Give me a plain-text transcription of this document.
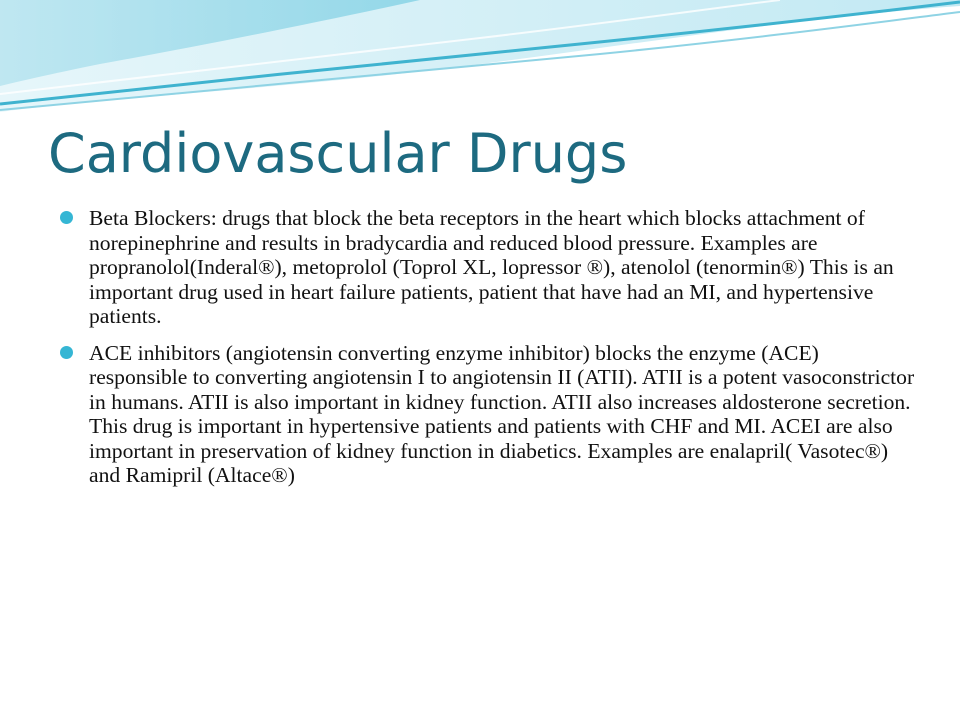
Cardiovascular Drugs
Beta Blockers: drugs that block the beta receptors in the heart which blocks attachment of norepinephrine and results in bradycardia and reduced blood pressure. Examples are propranolol(Inderal®), metoprolol (Toprol XL, lopressor ®), atenolol (tenormin®) This is an important drug used in heart failure patients, patient that have had an MI, and hypertensive patients.
ACE inhibitors (angiotensin converting enzyme inhibitor) blocks the enzyme (ACE) responsible to converting angiotensin I to angiotensin II (ATII). ATII is a potent vasoconstrictor in humans. ATII is also important in kidney function. ATII also increases aldosterone secretion. This drug is important in hypertensive patients and patients with CHF and MI. ACEI are also important in preservation of kidney function in diabetics. Examples are enalapril( Vasotec®) and Ramipril (Altace®)
